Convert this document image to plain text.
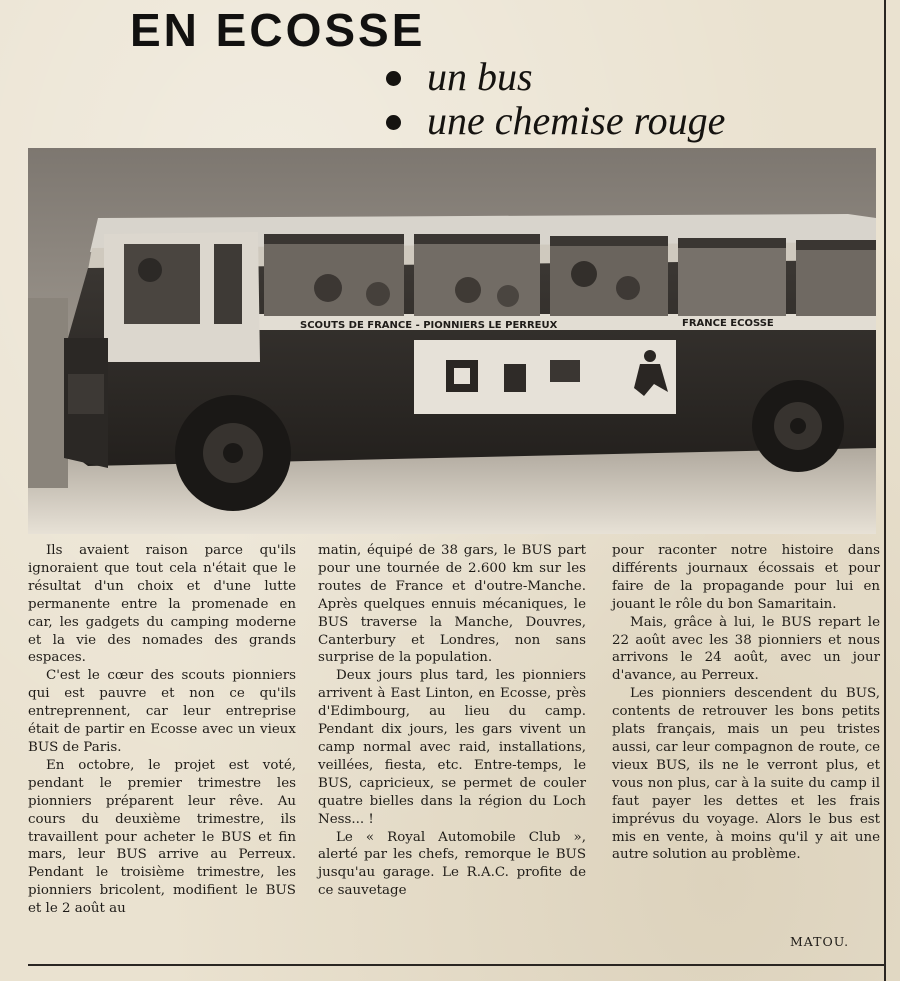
EN ECOSSE
un bus
une chemise rouge
SCOUTS DE FRANCE - PIONNIERS LE PERREUX	FRANCE ECOSSE

Ils avaient raison parce qu'ils ignoraient que tout cela n'était que le résultat d'un choix et d'une lutte permanente entre la promenade en car, les gadgets du camping moderne et la vie des nomades des grands espaces.

C'est le cœur des scouts pionniers qui est pauvre et non ce qu'ils entreprennent, car leur entreprise était de partir en Ecosse avec un vieux BUS de Paris.

En octobre, le projet est voté, pendant le premier trimestre les pionniers préparent leur rêve. Au cours du deuxième trimestre, ils travaillent pour acheter le BUS et fin mars, leur BUS arrive au Perreux. Pendant le troisième trimestre, les pionniers bricolent, modifient le BUS et le 2 août au

matin, équipé de 38 gars, le BUS part pour une tournée de 2.600 km sur les routes de France et d'outre-Manche. Après quelques ennuis mécaniques, le BUS traverse la Manche, Douvres, Canterbury et Londres, non sans surprise de la population.

Deux jours plus tard, les pionniers arrivent à East Linton, en Ecosse, près d'Edimbourg, au lieu du camp. Pendant dix jours, les gars vivent un camp normal avec raid, installations, veillées, fiesta, etc. Entre-temps, le BUS, capricieux, se permet de couler quatre bielles dans la région du Loch Ness... !

Le « Royal Automobile Club », alerté par les chefs, remorque le BUS jusqu'au garage. Le R.A.C. profite de ce sauvetage

pour raconter notre histoire dans différents journaux écossais et pour faire de la propagande pour lui en jouant le rôle du bon Samaritain.

Mais, grâce à lui, le BUS repart le 22 août avec les 38 pionniers et nous arrivons le 24 août, avec un jour d'avance, au Perreux.

Les pionniers descendent du BUS, contents de retrouver les bons petits plats français, mais un peu tristes aussi, car leur compagnon de route, ce vieux BUS, ils ne le verront plus, et vous non plus, car à la suite du camp il faut payer les dettes et les frais imprévus du voyage. Alors le bus est mis en vente, à moins qu'il y ait une autre solution au problème.

MATOU.
